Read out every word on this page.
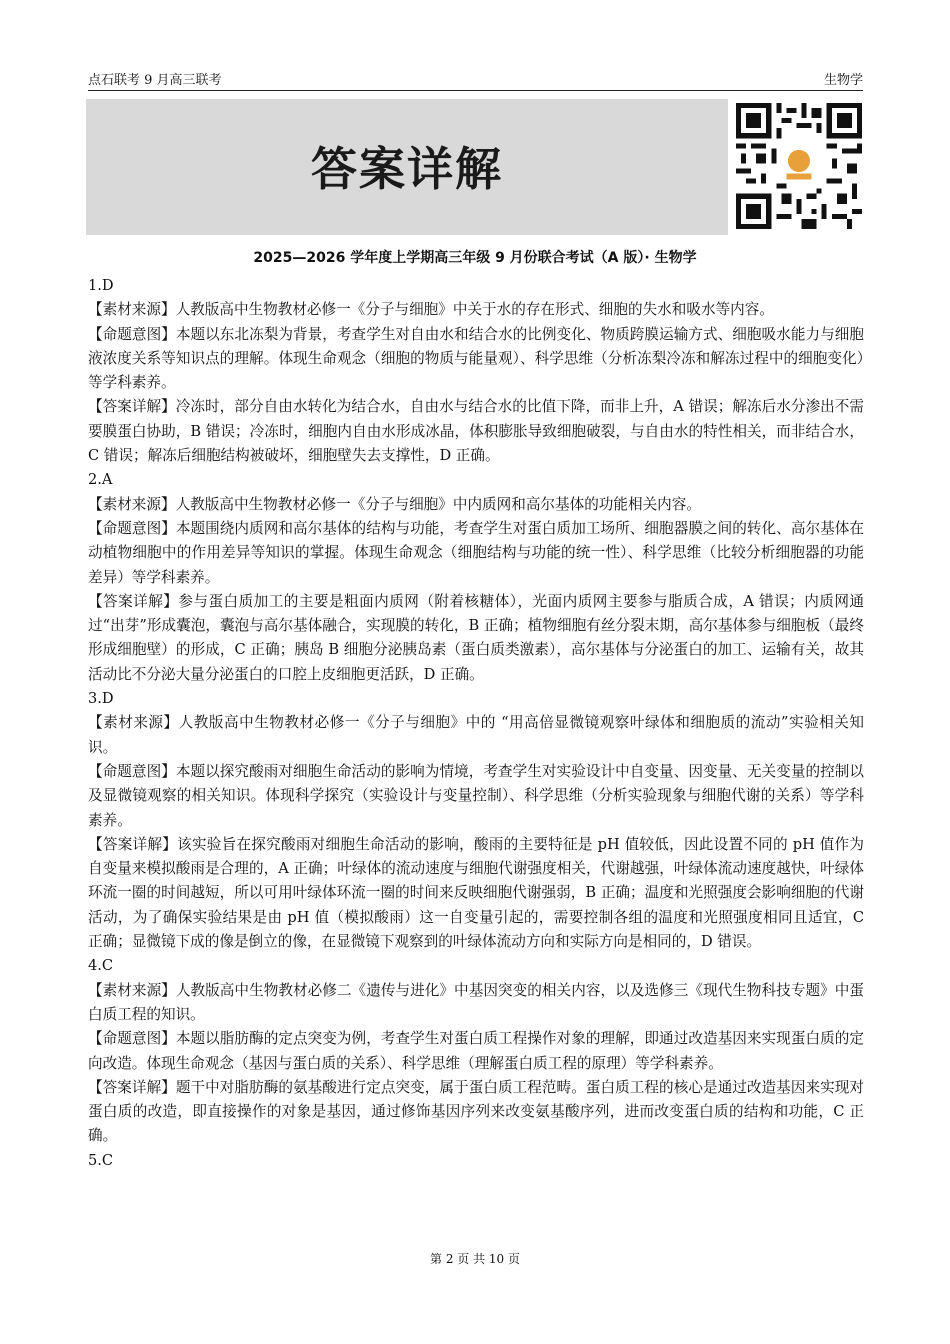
点石联考 9 月高三联考	生物学
答案详解
2025—2026 学年度上学期高三年级 9 月份联合考试（A 版）· 生物学

1.D

【素材来源】人教版高中生物教材必修一《分子与细胞》中关于水的存在形式、细胞的失水和吸水等内容。

【命题意图】本题以东北冻梨为背景，考查学生对自由水和结合水的比例变化、物质跨膜运输方式、细胞吸水能力与细胞液浓度关系等知识点的理解。体现生命观念（细胞的物质与能量观）、科学思维（分析冻梨冷冻和解冻过程中的细胞变化）等学科素养。

【答案详解】冷冻时，部分自由水转化为结合水，自由水与结合水的比值下降，而非上升，A 错误；解冻后水分渗出不需要膜蛋白协助，B 错误；冷冻时，细胞内自由水形成冰晶，体积膨胀导致细胞破裂，与自由水的特性相关，而非结合水，C 错误；解冻后细胞结构被破坏，细胞壁失去支撑性，D 正确。

2.A

【素材来源】人教版高中生物教材必修一《分子与细胞》中内质网和高尔基体的功能相关内容。

【命题意图】本题围绕内质网和高尔基体的结构与功能，考查学生对蛋白质加工场所、细胞器膜之间的转化、高尔基体在动植物细胞中的作用差异等知识的掌握。体现生命观念（细胞结构与功能的统一性）、科学思维（比较分析细胞器的功能差异）等学科素养。

【答案详解】参与蛋白质加工的主要是粗面内质网（附着核糖体），光面内质网主要参与脂质合成，A 错误；内质网通过“出芽”形成囊泡，囊泡与高尔基体融合，实现膜的转化，B 正确；植物细胞有丝分裂末期，高尔基体参与细胞板（最终形成细胞壁）的形成，C 正确；胰岛 B 细胞分泌胰岛素（蛋白质类激素），高尔基体与分泌蛋白的加工、运输有关，故其活动比不分泌大量分泌蛋白的口腔上皮细胞更活跃，D 正确。

3.D

【素材来源】人教版高中生物教材必修一《分子与细胞》中的 “用高倍显微镜观察叶绿体和细胞质的流动”实验相关知识。

【命题意图】本题以探究酸雨对细胞生命活动的影响为情境，考查学生对实验设计中自变量、因变量、无关变量的控制以及显微镜观察的相关知识。体现科学探究（实验设计与变量控制）、科学思维（分析实验现象与细胞代谢的关系）等学科素养。

【答案详解】该实验旨在探究酸雨对细胞生命活动的影响，酸雨的主要特征是 pH 值较低，因此设置不同的 pH 值作为自变量来模拟酸雨是合理的，A 正确；叶绿体的流动速度与细胞代谢强度相关，代谢越强，叶绿体流动速度越快，叶绿体环流一圈的时间越短，所以可用叶绿体环流一圈的时间来反映细胞代谢强弱，B 正确；温度和光照强度会影响细胞的代谢活动，为了确保实验结果是由 pH 值（模拟酸雨）这一自变量引起的，需要控制各组的温度和光照强度相同且适宜，C 正确；显微镜下成的像是倒立的像，在显微镜下观察到的叶绿体流动方向和实际方向是相同的，D 错误。

4.C

【素材来源】人教版高中生物教材必修二《遗传与进化》中基因突变的相关内容，以及选修三《现代生物科技专题》中蛋白质工程的知识。

【命题意图】本题以脂肪酶的定点突变为例，考查学生对蛋白质工程操作对象的理解，即通过改造基因来实现蛋白质的定向改造。体现生命观念（基因与蛋白质的关系）、科学思维（理解蛋白质工程的原理）等学科素养。

【答案详解】题干中对脂肪酶的氨基酸进行定点突变，属于蛋白质工程范畴。蛋白质工程的核心是通过改造基因来实现对蛋白质的改造，即直接操作的对象是基因，通过修饰基因序列来改变氨基酸序列，进而改变蛋白质的结构和功能，C 正确。

5.C

第 2 页 共 10 页
